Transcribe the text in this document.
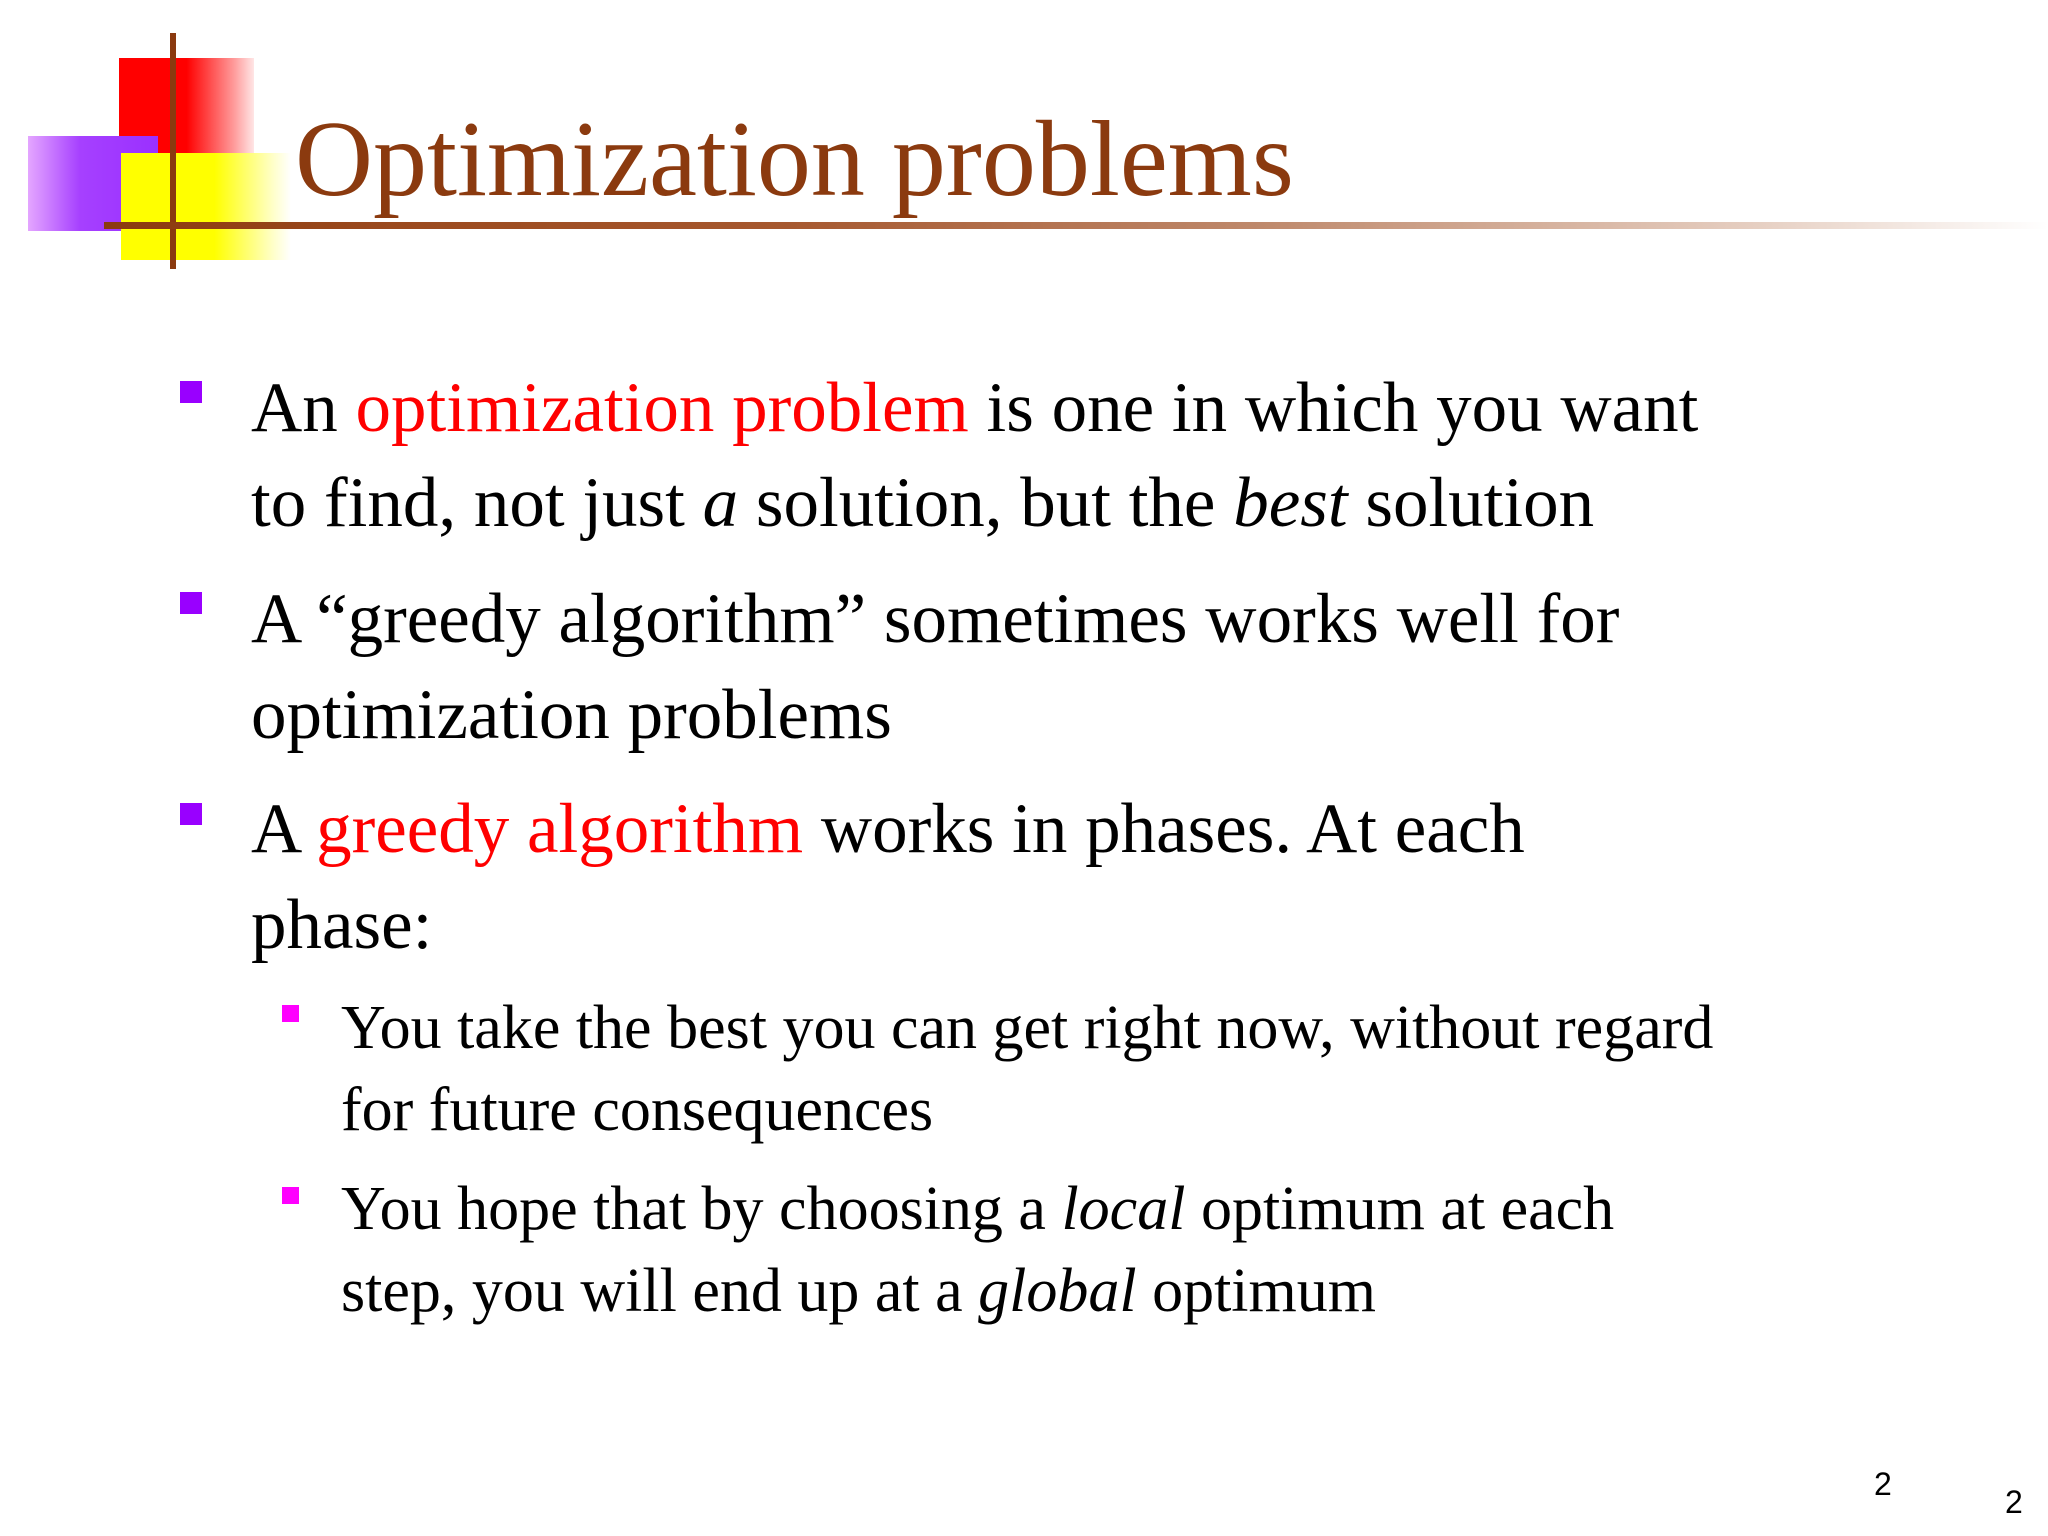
Optimization problems

An optimization problem is one in which you want

to find, not just a solution, but the best solution

A “greedy algorithm” sometimes works well for

optimization problems

A greedy algorithm works in phases. At each

phase:

You take the best you can get right now, without regard

for future consequences

You hope that by choosing a local optimum at each

step, you will end up at a global optimum

2	2
